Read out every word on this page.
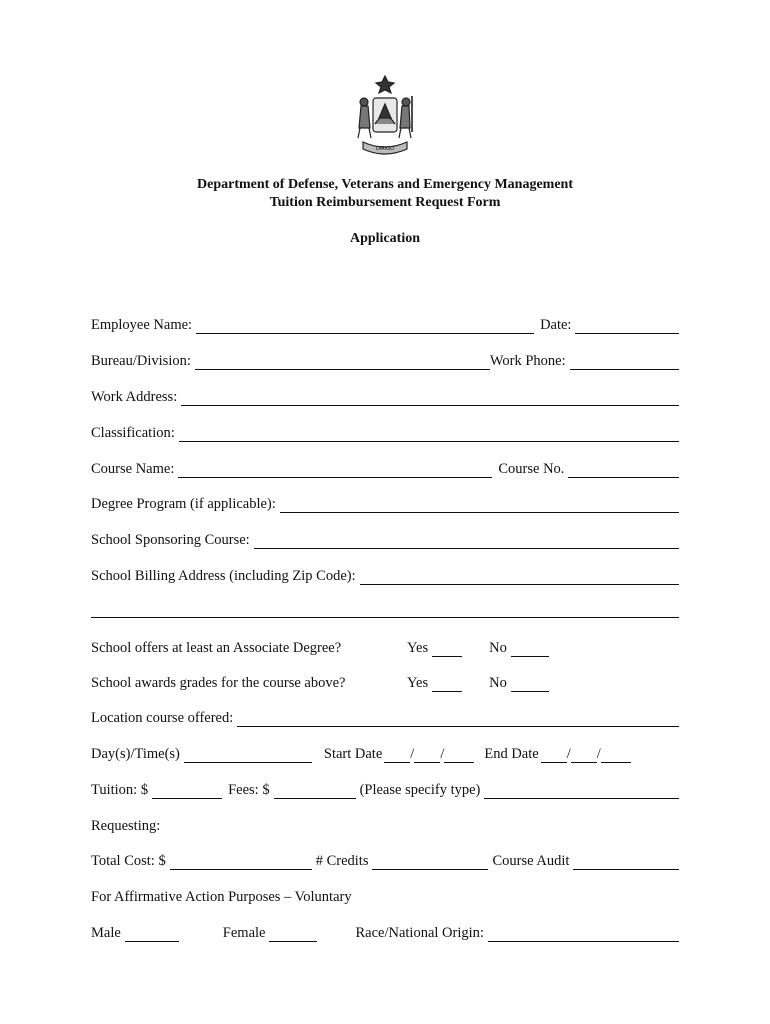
DIRIGO
Department of Defense, Veterans and Emergency Management
Tuition Reimbursement Request Form
Application
Employee Name:	Date:
Bureau/Division:	Work Phone:
Work Address:
Classification:
Course Name:	Course No.
Degree Program (if applicable):
School Sponsoring Course:
School Billing Address (including Zip Code):
School offers at least an Associate Degree?	Yes	No
School awards grades for the course above?	Yes	No
Location course offered:
Day(s)/Time(s)	Start Date / /	End Date / /
Tuition: $	Fees: $	(Please specify type)
Requesting:
Total Cost: $	# Credits	Course Audit
For Affirmative Action Purposes – Voluntary
Male	Female	Race/National Origin:
